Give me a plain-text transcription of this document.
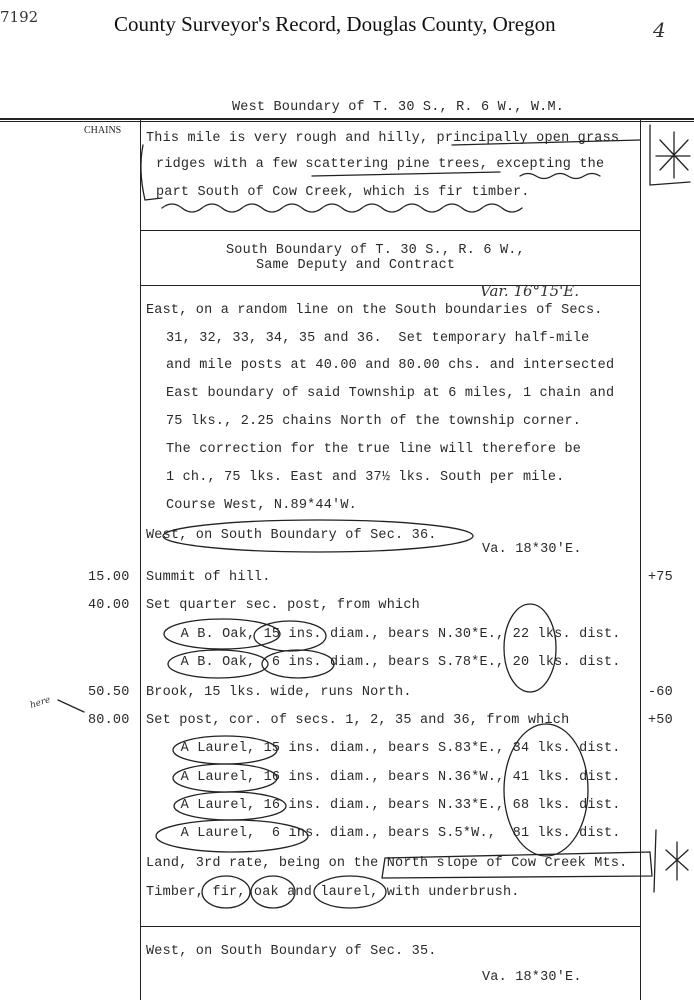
7192	County Surveyor's Record, Douglas County, Oregon	4
West Boundary of T. 30 S., R. 6 W., W.M.
CHAINS
This mile is very rough and hilly, principally open grass
ridges with a few scattering pine trees, excepting the
part South of Cow Creek, which is fir timber.
South Boundary of T. 30 S., R. 6 W.,
Same Deputy and Contract
Var. 16°15'E.
East, on a random line on the South boundaries of Secs.
31, 32, 33, 34, 35 and 36.  Set temporary half-mile
and mile posts at 40.00 and 80.00 chs. and intersected
East boundary of said Township at 6 miles, 1 chain and
75 lks., 2.25 chains North of the township corner.
The correction for the true line will therefore be
1 ch., 75 lks. East and 37½ lks. South per mile.
Course West, N.89*44'W.
West, on South Boundary of Sec. 36.
Va. 18*30'E.
15.00 Summit of hill.	+75
40.00 Set quarter sec. post, from which
A B. Oak, 15 ins. diam., bears N.30*E., 22 lks. dist.
A B. Oak,  6 ins. diam., bears S.78*E., 20 lks. dist.
50.50 Brook, 15 lks. wide, runs North.	-60
80.00 Set post, cor. of secs. 1, 2, 35 and 36, from which	+50
A Laurel, 15 ins. diam., bears S.83*E., 34 lks. dist.
A Laurel, 16 ins. diam., bears N.36*W., 41 lks. dist.
A Laurel, 16 ins. diam., bears N.33*E., 68 lks. dist.
A Laurel,  6 ins. diam., bears S.5*W.,  81 lks. dist.
Land, 3rd rate, being on the North slope of Cow Creek Mts.
Timber, fir, oak and laurel, with underbrush.
here
West, on South Boundary of Sec. 35.
Va. 18*30'E.
